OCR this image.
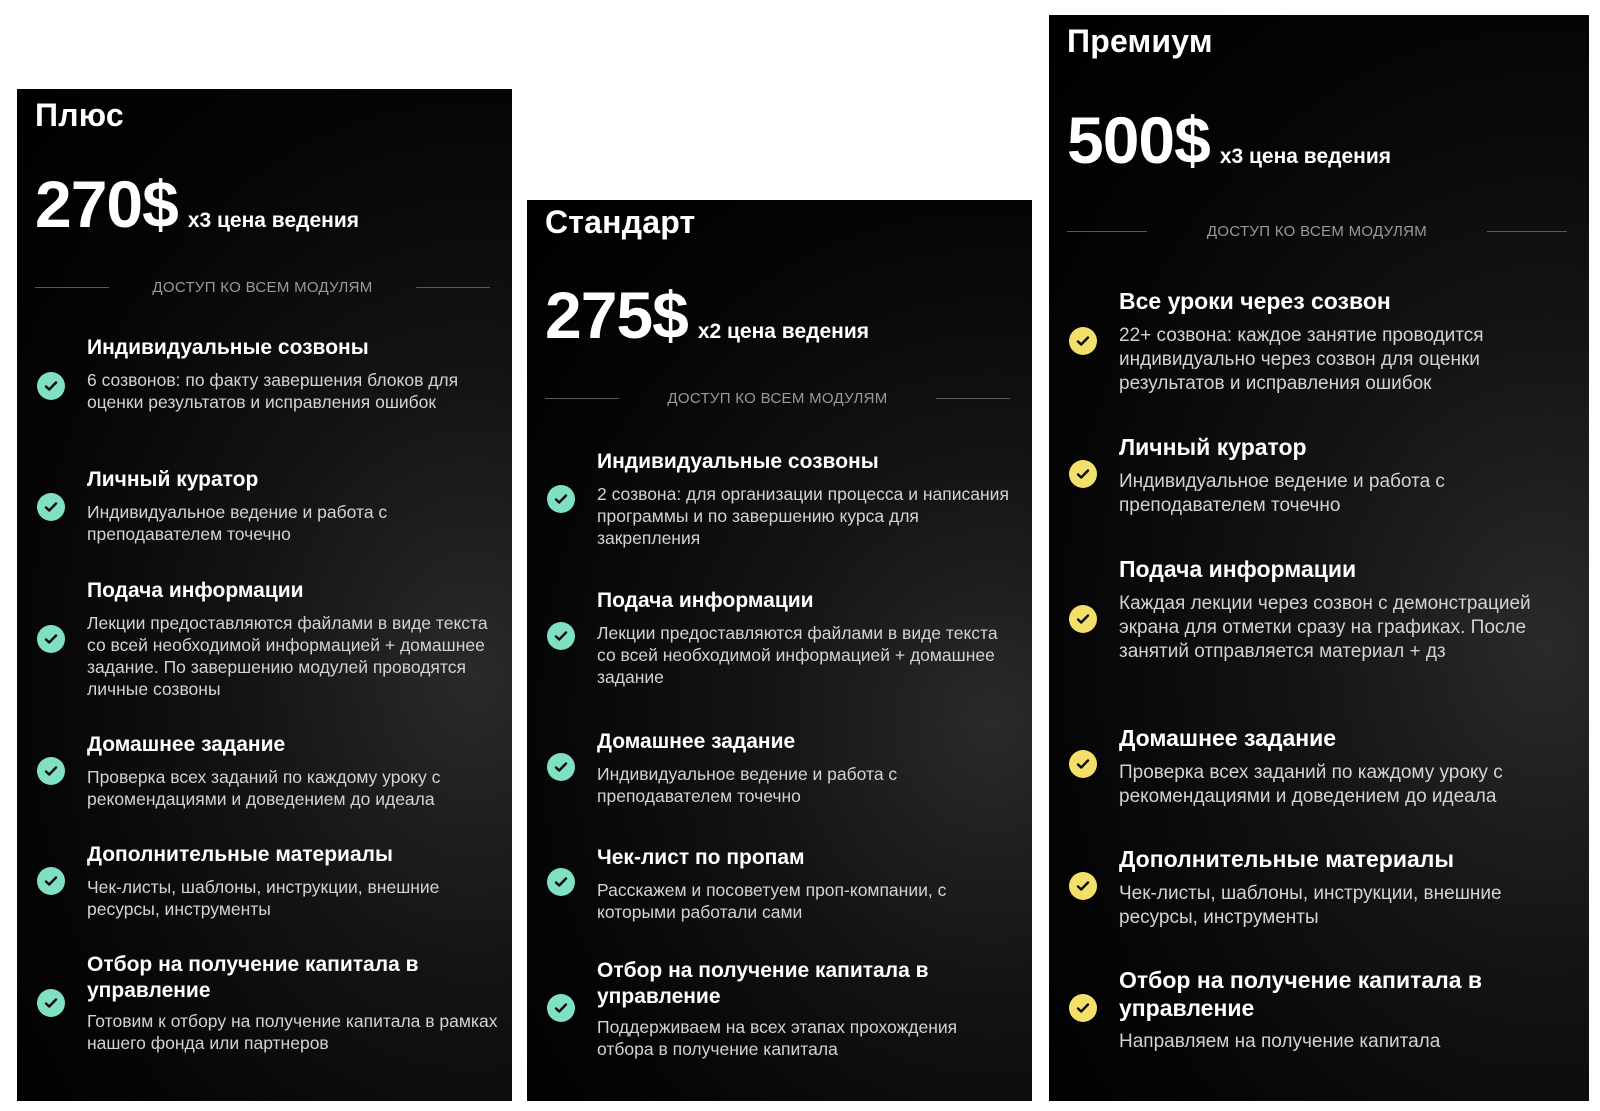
Плюс
270$ х3 цена ведения
ДОСТУП КО ВСЕМ МОДУЛЯМ
Индивидуальные созвоны
6 созвонов: по факту завершения блоков для оценки результатов и исправления ошибок
Личный куратор
Индивидуальное ведение и работа с преподавателем точечно
Подача информации
Лекции предоставляются файлами в виде текста со всей необходимой информацией + домашнее задание. По завершению модулей проводятся личные созвоны
Домашнее задание
Проверка всех заданий по каждому уроку с рекомендациями и доведением до идеала
Дополнительные материалы
Чек-листы, шаблоны, инструкции, внешние ресурсы, инструменты
Отбор на получение капитала в управление
Готовим к отбору на получение капитала в рамках нашего фонда или партнеров
Стандарт
275$ х2 цена ведения
ДОСТУП КО ВСЕМ МОДУЛЯМ
Индивидуальные созвоны
2 созвона: для организации процесса и написания программы и по завершению курса для закрепления
Подача информации
Лекции предоставляются файлами в виде текста со всей необходимой информацией + домашнее задание
Домашнее задание
Индивидуальное ведение и работа с преподавателем точечно
Чек-лист по пропам
Расскажем и посоветуем проп-компании, с которыми работали сами
Отбор на получение капитала в управление
Поддерживаем на всех этапах прохождения отбора в получение капитала
Премиум
500$ х3 цена ведения
ДОСТУП КО ВСЕМ МОДУЛЯМ
Все уроки через созвон
22+ созвона: каждое занятие проводится индивидуально через созвон для оценки результатов и исправления ошибок
Личный куратор
Индивидуальное ведение и работа с преподавателем точечно
Подача информации
Каждая лекции через созвон с демонстрацией экрана для отметки сразу на графиках. После занятий отправляется материал + дз
Домашнее задание
Проверка всех заданий по каждому уроку с рекомендациями и доведением до идеала
Дополнительные материалы
Чек-листы, шаблоны, инструкции, внешние ресурсы, инструменты
Отбор на получение капитала в управление
Направляем на получение капитала
